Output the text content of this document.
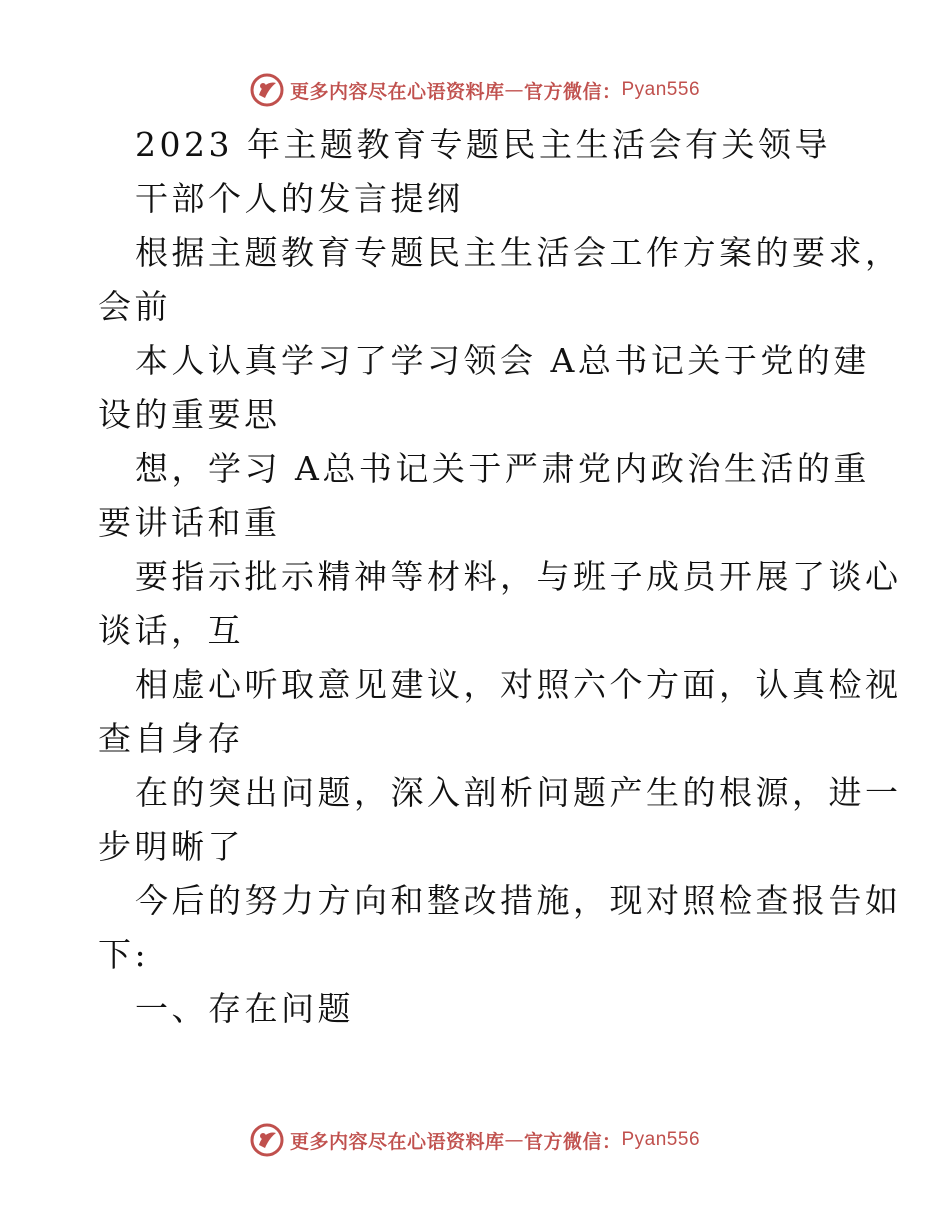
更多内容尽在心语资料库 — 官方微信： Pyan556
2023 年主题教育专题民主生活会有关领导
干部个人的发言提纲
根据主题教育专题民主生活会工作方案的要求，
会前
本人认真学习了学习领会 A总书记关于党的建
设的重要思
想，学习 A总书记关于严肃党内政治生活的重
要讲话和重
要指示批示精神等材料，与班子成员开展了谈心
谈话，互
相虚心听取意见建议，对照六个方面，认真检视
查自身存
在的突出问题，深入剖析问题产生的根源，进一
步明晰了
今后的努力方向和整改措施，现对照检查报告如
下:
一、存在问题
更多内容尽在心语资料库 — 官方微信： Pyan556
